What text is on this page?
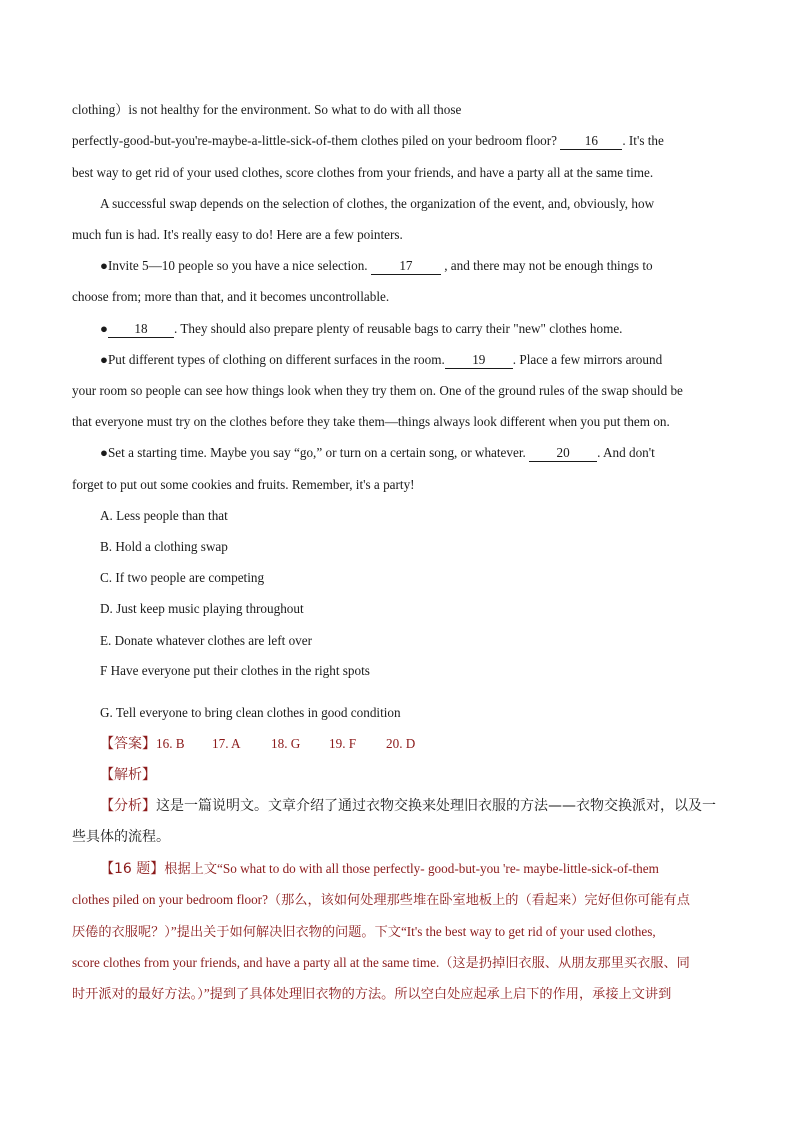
clothing）is not healthy for the environment. So what to do with all those
perfectly-good-but-you're-maybe-a-little-sick-of-them clothes piled on your bedroom floor? 16 . It's the
best way to get rid of your used clothes, score clothes from your friends, and have a party all at the same time.
A successful swap depends on the selection of clothes, the organization of the event, and, obviously, how
much fun is had. It's really easy to do! Here are a few pointers.
●Invite 5—10 people so you have a nice selection. 17 , and there may not be enough things to
choose from; more than that, and it becomes uncontrollable.
● 18 . They should also prepare plenty of reusable bags to carry their "new" clothes home.
●Put different types of clothing on different surfaces in the room. 19 . Place a few mirrors around
your room so people can see how things look when they try them on. One of the ground rules of the swap should be
that everyone must try on the clothes before they take them—things always look different when you put them on.
●Set a starting time. Maybe you say “go,” or turn on a certain song, or whatever. 20 . And don't
forget to put out some cookies and fruits. Remember, it's a party!
A. Less people than that
B. Hold a clothing swap
C. If two people are competing
D. Just keep music playing throughout
E. Donate whatever clothes are left over
F Have everyone put their clothes in the right spots
G. Tell everyone to bring clean clothes in good condition
【答案】16. B 17. A 18. G 19. F 20. D
【解析】
【分析】这是一篇说明文。文章介绍了通过衣物交换来处理旧衣服的方法——衣物交换派对，以及一
些具体的流程。
【16 题】根据上文“So what to do with all those perfectly- good-but-you 're- maybe-little-sick-of-them
clothes piled on your bedroom floor?（那么，该如何处理那些堆在卧室地板上的（看起来）完好但你可能有点
厌倦的衣服呢？）”提出关于如何解决旧衣物的问题。下文“It's the best way to get rid of your used clothes,
score clothes from your friends, and have a party all at the same time.（这是扔掉旧衣服、从朋友那里买衣服、同
时开派对的最好方法。）”提到了具体处理旧衣物的方法。所以空白处应起承上启下的作用，承接上文讲到
